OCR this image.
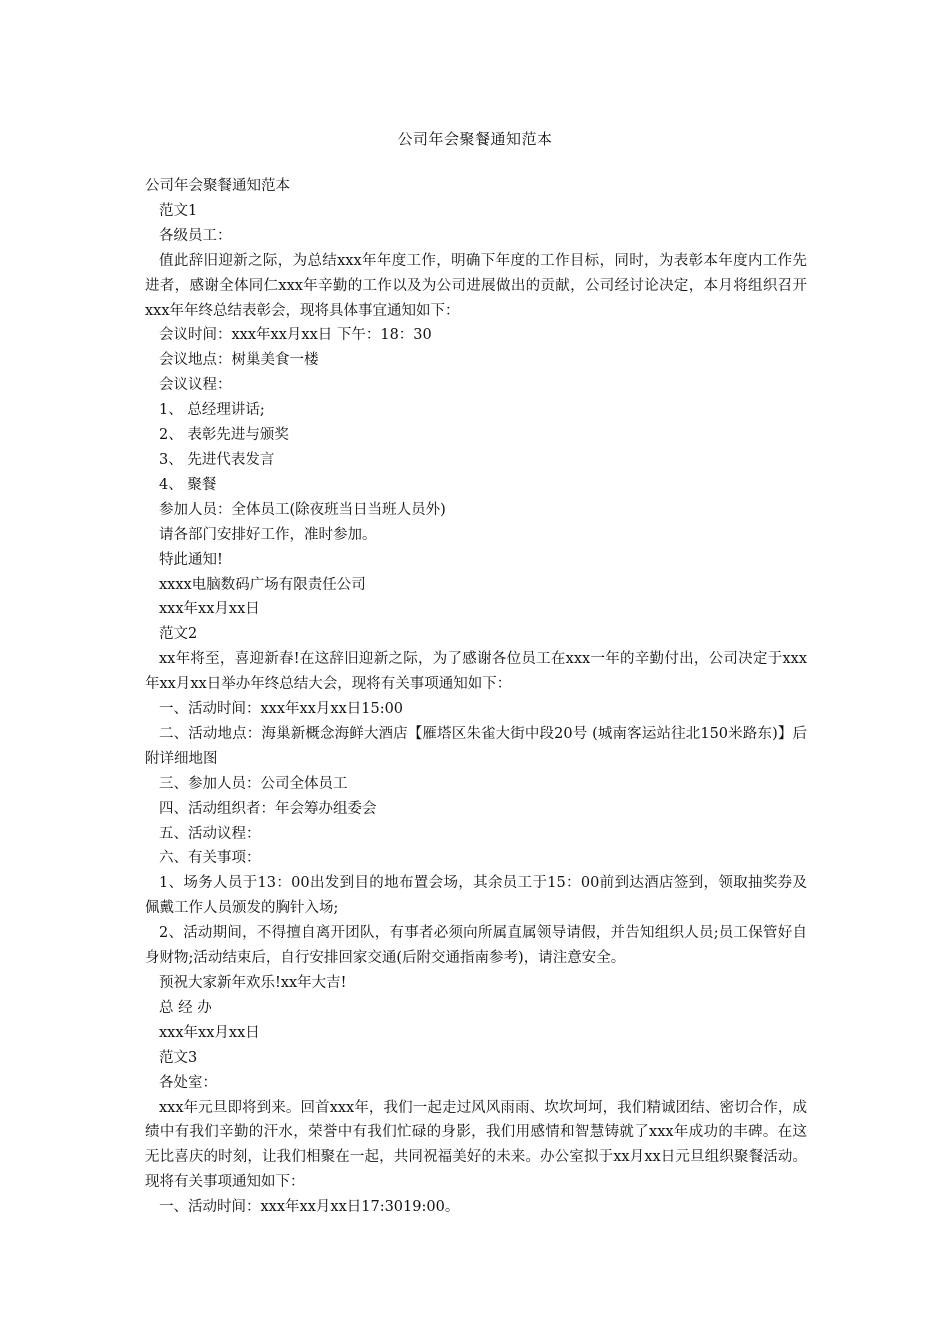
公司年会聚餐通知范本
公司年会聚餐通知范本
范文1
各级员工：
值此辞旧迎新之际，为总结xxx年年度工作，明确下年度的工作目标，同时，为表彰本年度内工作先进者，感谢全体同仁xxx年辛勤的工作以及为公司进展做出的贡献，公司经讨论决定，本月将组织召开xxx年年终总结表彰会，现将具体事宜通知如下：
会议时间：xxx年xx月xx日 下午：18：30
会议地点：树巢美食一楼
会议议程：
1、 总经理讲话;
2、 表彰先进与颁奖
3、 先进代表发言
4、 聚餐
参加人员：全体员工(除夜班当日当班人员外)
请各部门安排好工作，准时参加。
特此通知!
xxxx电脑数码广场有限责任公司
xxx年xx月xx日
范文2
xx年将至，喜迎新春!在这辞旧迎新之际，为了感谢各位员工在xxx一年的辛勤付出，公司决定于xxx年xx月xx日举办年终总结大会，现将有关事项通知如下：
一、活动时间：xxx年xx月xx日15:00
二、活动地点：海巢新概念海鲜大酒店【雁塔区朱雀大街中段20号 (城南客运站往北150米路东)】后附详细地图
三、参加人员：公司全体员工
四、活动组织者：年会筹办组委会
五、活动议程：
六、有关事项：
1、场务人员于13：00出发到目的地布置会场，其余员工于15：00前到达酒店签到，领取抽奖券及佩戴工作人员颁发的胸针入场;
2、活动期间，不得擅自离开团队，有事者必须向所属直属领导请假，并告知组织人员;员工保管好自身财物;活动结束后，自行安排回家交通(后附交通指南参考)，请注意安全。
预祝大家新年欢乐!xx年大吉!
总 经 办
xxx年xx月xx日
范文3
各处室：
xxx年元旦即将到来。回首xxx年，我们一起走过风风雨雨、坎坎坷坷，我们精诚团结、密切合作，成绩中有我们辛勤的汗水，荣誉中有我们忙碌的身影，我们用感情和智慧铸就了xxx年成功的丰碑。在这无比喜庆的时刻，让我们相聚在一起，共同祝福美好的未来。办公室拟于xx月xx日元旦组织聚餐活动。现将有关事项通知如下：
一、活动时间：xxx年xx月xx日17:3019:00。
